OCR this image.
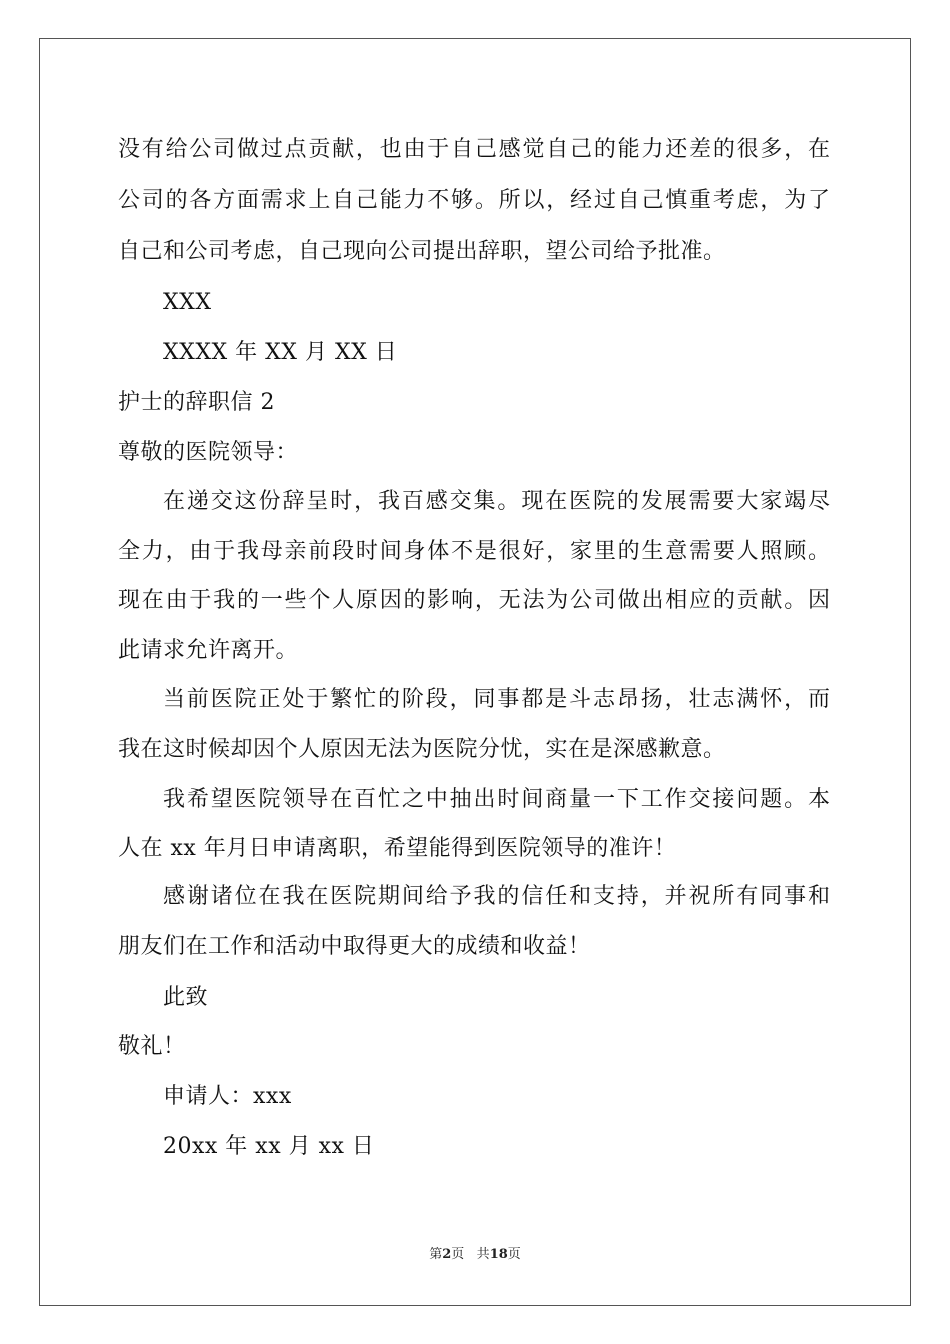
没有给公司做过点贡献，也由于自己感觉自己的能力还差的很多，在
公司的各方面需求上自己能力不够。所以，经过自己慎重考虑，为了
自己和公司考虑，自己现向公司提出辞职，望公司给予批准。
XXX
XXXX 年 XX 月 XX 日
护士的辞职信 2
尊敬的医院领导：
在递交这份辞呈时，我百感交集。现在医院的发展需要大家竭尽
全力，由于我母亲前段时间身体不是很好，家里的生意需要人照顾。
现在由于我的一些个人原因的影响，无法为公司做出相应的贡献。因
此请求允许离开。
当前医院正处于繁忙的阶段，同事都是斗志昂扬，壮志满怀，而
我在这时候却因个人原因无法为医院分忧，实在是深感歉意。
我希望医院领导在百忙之中抽出时间商量一下工作交接问题。本
人在 xx 年月日申请离职，希望能得到医院领导的准许！
感谢诸位在我在医院期间给予我的信任和支持，并祝所有同事和
朋友们在工作和活动中取得更大的成绩和收益！
此致
敬礼！
申请人：xxx
20xx 年 xx 月 xx 日
第2页 共18页
